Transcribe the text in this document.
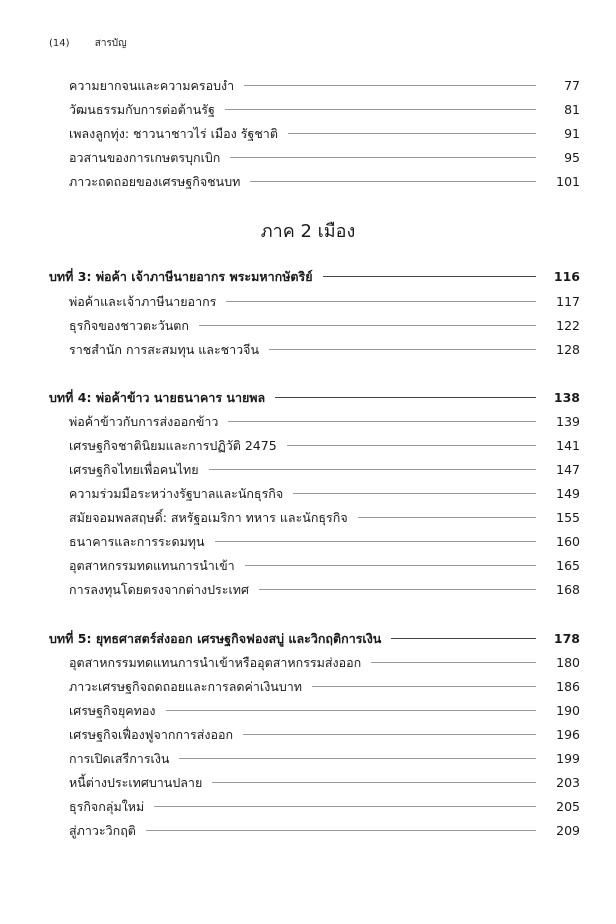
(14)	สารบัญ
ความยากจนและความครอบงำ	77
วัฒนธรรมกับการต่อต้านรัฐ	81
เพลงลูกทุ่ง: ชาวนาชาวไร่ เมือง รัฐชาติ	91
อวสานของการเกษตรบุกเบิก	95
ภาวะถดถอยของเศรษฐกิจชนบท	101
ภาค 2 เมือง
บทที่ 3: พ่อค้า เจ้าภาษีนายอากร พระมหากษัตริย์	116
พ่อค้าและเจ้าภาษีนายอากร	117
ธุรกิจของชาวตะวันตก	122
ราชสำนัก การสะสมทุน และชาวจีน	128
บทที่ 4: พ่อค้าข้าว นายธนาคาร นายพล	138
พ่อค้าข้าวกับการส่งออกข้าว	139
เศรษฐกิจชาตินิยมและการปฏิวัติ 2475	141
เศรษฐกิจไทยเพื่อคนไทย	147
ความร่วมมือระหว่างรัฐบาลและนักธุรกิจ	149
สมัยจอมพลสฤษดิ์: สหรัฐอเมริกา ทหาร และนักธุรกิจ	155
ธนาคารและการระดมทุน	160
อุตสาหกรรมทดแทนการนำเข้า	165
การลงทุนโดยตรงจากต่างประเทศ	168
บทที่ 5: ยุทธศาสตร์ส่งออก เศรษฐกิจฟองสบู่ และวิกฤติการเงิน	178
อุตสาหกรรมทดแทนการนำเข้าหรืออุตสาหกรรมส่งออก	180
ภาวะเศรษฐกิจถดถอยและการลดค่าเงินบาท	186
เศรษฐกิจยุคทอง	190
เศรษฐกิจเฟื่องฟูจากการส่งออก	196
การเปิดเสรีการเงิน	199
หนี้ต่างประเทศบานปลาย	203
ธุรกิจกลุ่มใหม่	205
สู่ภาวะวิกฤติ	209
